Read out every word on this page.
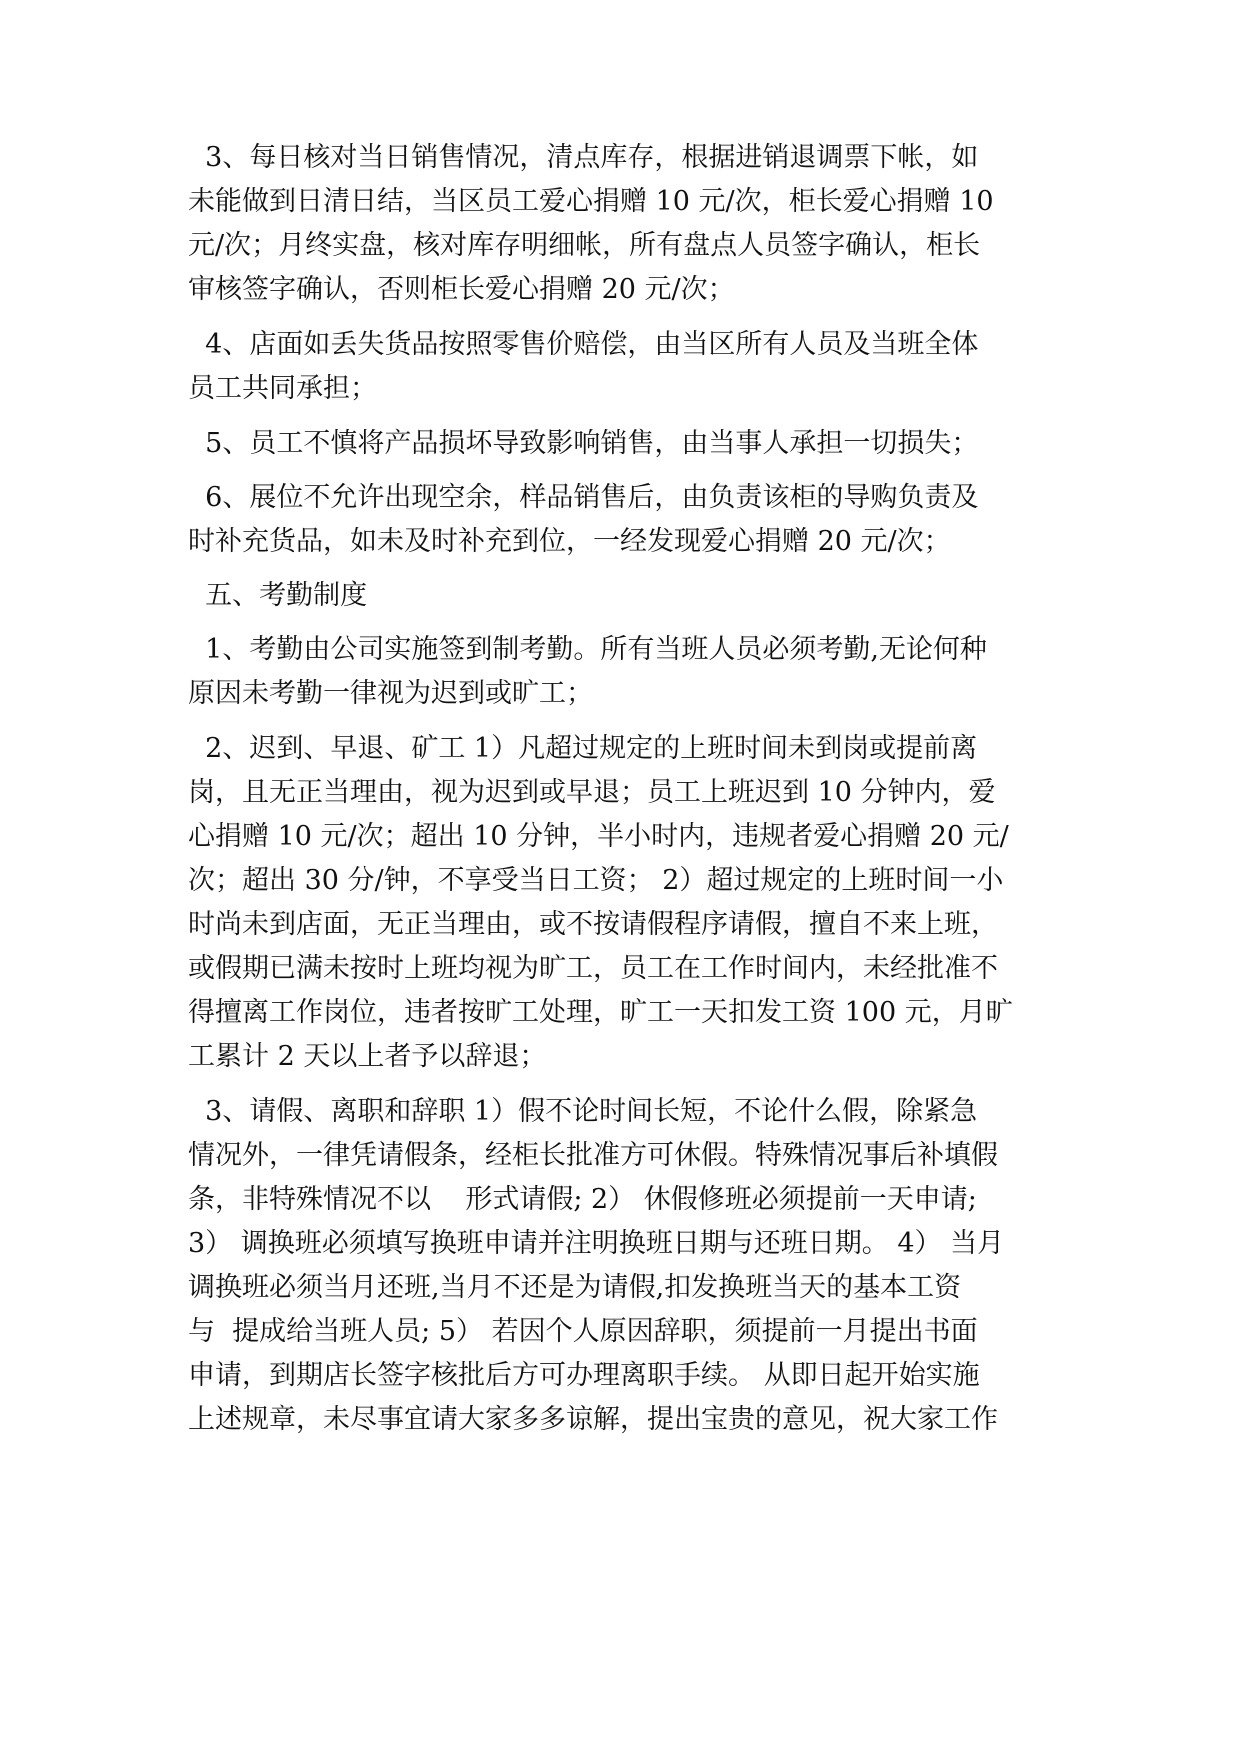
3、每日核对当日销售情况，清点库存，根据进销退调票下帐，如
未能做到日清日结，当区员工爱心捐赠 10 元/次，柜长爱心捐赠 10
元/次；月终实盘，核对库存明细帐，所有盘点人员签字确认，柜长
审核签字确认，否则柜长爱心捐赠 20 元/次；
4、店面如丢失货品按照零售价赔偿，由当区所有人员及当班全体
员工共同承担；
5、员工不慎将产品损坏导致影响销售，由当事人承担一切损失；
6、展位不允许出现空余，样品销售后，由负责该柜的导购负责及
时补充货品，如未及时补充到位，一经发现爱心捐赠 20 元/次；
五、考勤制度
1、考勤由公司实施签到制考勤。所有当班人员必须考勤,无论何种
原因未考勤一律视为迟到或旷工；
2、迟到、早退、矿工 1）凡超过规定的上班时间未到岗或提前离
岗，且无正当理由，视为迟到或早退；员工上班迟到 10 分钟内，爱
心捐赠 10 元/次；超出 10 分钟，半小时内，违规者爱心捐赠 20 元/
次；超出 30 分/钟，不享受当日工资； 2）超过规定的上班时间一小
时尚未到店面，无正当理由，或不按请假程序请假，擅自不来上班，
或假期已满未按时上班均视为旷工，员工在工作时间内，未经批准不
得擅离工作岗位，违者按旷工处理，旷工一天扣发工资 100 元，月旷
工累计 2 天以上者予以辞退；
3、请假、离职和辞职 1）假不论时间长短，不论什么假，除紧急
情况外，一律凭请假条，经柜长批准方可休假。特殊情况事后补填假
条，非特殊情况不以    形式请假; 2） 休假修班必须提前一天申请;
3） 调换班必须填写换班申请并注明换班日期与还班日期。 4） 当月
调换班必须当月还班,当月不还是为请假,扣发换班当天的基本工资
与  提成给当班人员; 5） 若因个人原因辞职，须提前一月提出书面
申请，到期店长签字核批后方可办理离职手续。 从即日起开始实施
上述规章，未尽事宜请大家多多谅解，提出宝贵的意见，祝大家工作
